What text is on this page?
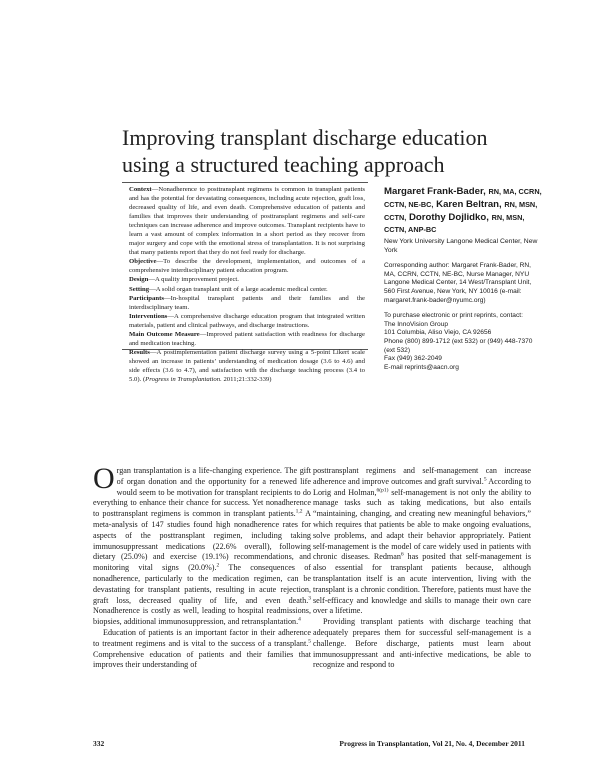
Improving transplant discharge education
using a structured teaching approach

Context—Nonadherence to posttransplant regimens is common in transplant patients and has the potential for devastating consequences, including acute rejection, graft loss, decreased quality of life, and even death. Comprehensive education of patients and families that improves their understanding of posttransplant regimens and self-care techniques can increase adherence and improve outcomes. Transplant recipients have to learn a vast amount of complex information in a short period as they recover from major surgery and cope with the emotional stress of transplantation. It is not surprising that many patients report that they do not feel ready for discharge.

Objective—To describe the development, implementation, and outcomes of a comprehensive interdisciplinary patient education program.

Design—A quality improvement project.

Setting—A solid organ transplant unit of a large academic medical center.

Participants—In-hospital transplant patients and their families and the interdisciplinary team.

Interventions—A comprehensive discharge education program that integrated written materials, patient and clinical pathways, and discharge instructions.

Main Outcome Measure—Improved patient satisfaction with readiness for discharge and medication teaching.

Results—A postimplementation patient discharge survey using a 5-point Likert scale showed an increase in patients’ understanding of medication dosage (3.6 to 4.6) and side effects (3.6 to 4.7), and satisfaction with the discharge teaching process (3.4 to 5.0). (Progress in Transplantation. 2011;21:332-339)

Margaret Frank-Bader, RN, MA, CCRN, CCTN, NE-BC, Karen Beltran, RN, MSN, CCTN, Dorothy Dojlidko, RN, MSN, CCTN, ANP-BC

New York University Langone Medical Center, New York

Corresponding author: Margaret Frank-Bader, RN, MA, CCRN, CCTN, NE-BC, Nurse Manager, NYU Langone Medical Center, 14 West/Transplant Unit, 560 First Avenue, New York, NY 10016 (e-mail: margaret.frank-bader@nyumc.org)

To purchase electronic or print reprints, contact:
The InnoVision Group
101 Columbia, Aliso Viejo, CA 92656
Phone (800) 899-1712 (ext 532) or (949) 448-7370 (ext 532)
Fax (949) 362-2049
E-mail reprints@aacn.org

Organ transplantation is a life-changing experience. The gift of organ donation and the opportunity for a renewed life would seem to be motivation for transplant recipients to do everything to enhance their chance for success. Yet nonadherence to posttransplant regimens is common in transplant patients.$^{1,2}$ A meta-analysis of 147 studies found high nonadherence rates for aspects of the posttransplant regimen, including taking immunosuppressant medications (22.6% overall), following dietary (25.0%) and exercise (19.1%) recommendations, and monitoring vital signs (20.0%).$^2$ The consequences of nonadherence, particularly to the medication regimen, can be devastating for transplant patients, resulting in acute rejection, graft loss, decreased quality of life, and even death.$^3$ Nonadherence is costly as well, leading to hospital readmissions, biopsies, additional immunosuppression, and retransplantation.$^4$

Education of patients is an important factor in their adherence to treatment regimens and is vital to the success of a transplant.$^5$ Comprehensive education of patients and their families that improves their understanding of

posttransplant regimens and self-management can increase adherence and improve outcomes and graft survival.$^5$ According to Lorig and Holman,$^{6(p1)}$ self-management is not only the ability to manage tasks such as taking medications, but also entails “maintaining, changing, and creating new meaningful behaviors,” which requires that patients be able to make ongoing evaluations, solve problems, and adapt their behavior appropriately. Patient self-management is the model of care widely used in patients with chronic diseases. Redman$^6$ has posited that self-management is also essential for transplant patients because, although transplantation itself is an acute intervention, living with the transplant is a chronic condition. Therefore, patients must have the self-efficacy and knowledge and skills to manage their own care over a lifetime.

Providing transplant patients with discharge teaching that adequately prepares them for successful self-management is a challenge. Before discharge, patients must learn about immunosuppressant and anti-infective medications, be able to recognize and respond to

332	Progress in Transplantation, Vol 21, No. 4, December 2011
